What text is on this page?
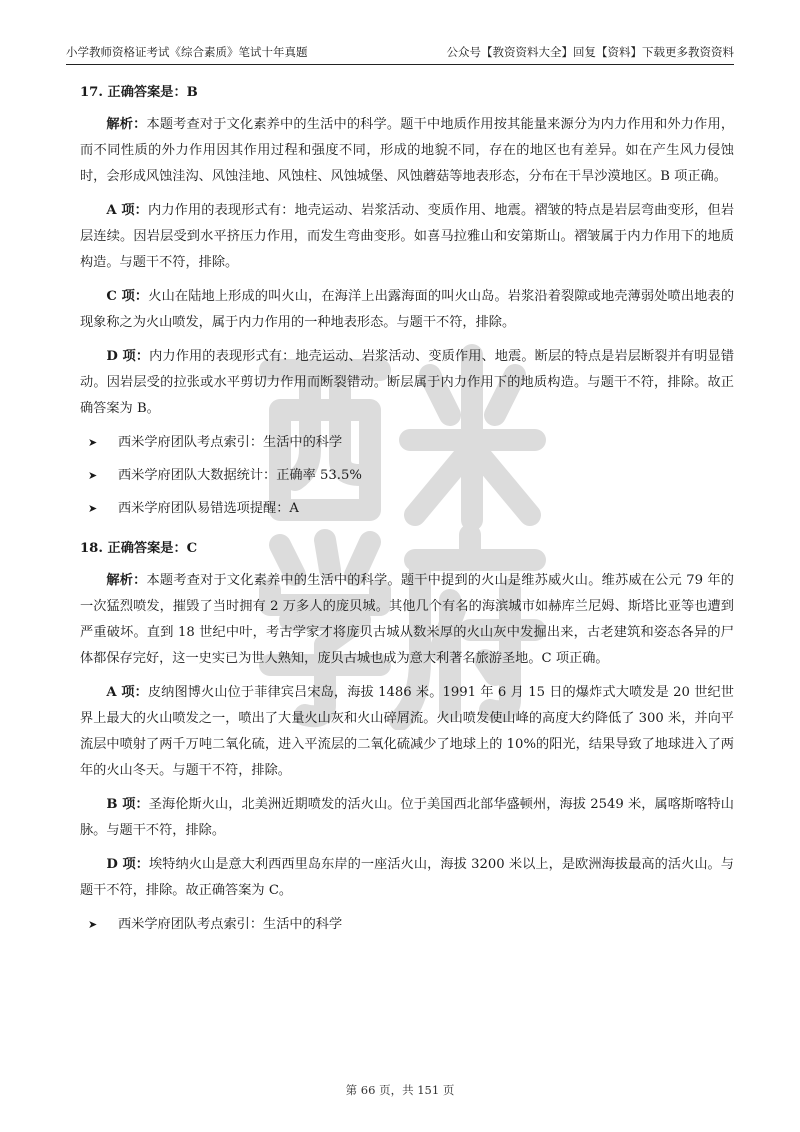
小学教师资格证考试《综合素质》笔试十年真题	公众号【教资资料大全】回复【资料】下载更多教资资料

17. 正确答案是：B

解析：本题考查对于文化素养中的生活中的科学。题干中地质作用按其能量来源分为内力作用和外力作用，而不同性质的外力作用因其作用过程和强度不同，形成的地貌不同，存在的地区也有差异。如在产生风力侵蚀时，会形成风蚀洼沟、风蚀洼地、风蚀柱、风蚀城堡、风蚀蘑菇等地表形态，分布在干旱沙漠地区。B 项正确。

A 项：内力作用的表现形式有：地壳运动、岩浆活动、变质作用、地震。褶皱的特点是岩层弯曲变形，但岩层连续。因岩层受到水平挤压力作用，而发生弯曲变形。如喜马拉雅山和安第斯山。褶皱属于内力作用下的地质构造。与题干不符，排除。

C 项：火山在陆地上形成的叫火山，在海洋上出露海面的叫火山岛。岩浆沿着裂隙或地壳薄弱处喷出地表的现象称之为火山喷发，属于内力作用的一种地表形态。与题干不符，排除。

D 项：内力作用的表现形式有：地壳运动、岩浆活动、变质作用、地震。断层的特点是岩层断裂并有明显错动。因岩层受的拉张或水平剪切力作用而断裂错动。断层属于内力作用下的地质构造。与题干不符，排除。故正确答案为 B。

➤	西米学府团队考点索引：生活中的科学
➤	西米学府团队大数据统计：正确率 53.5%
➤	西米学府团队易错选项提醒：A

18. 正确答案是：C

解析：本题考查对于文化素养中的生活中的科学。题干中提到的火山是维苏威火山。维苏威在公元 79 年的一次猛烈喷发，摧毁了当时拥有 2 万多人的庞贝城。其他几个有名的海滨城市如赫库兰尼姆、斯塔比亚等也遭到严重破坏。直到 18 世纪中叶，考古学家才将庞贝古城从数米厚的火山灰中发掘出来，古老建筑和姿态各异的尸体都保存完好，这一史实已为世人熟知，庞贝古城也成为意大利著名旅游圣地。C 项正确。

A 项：皮纳图博火山位于菲律宾吕宋岛，海拔 1486 米。1991 年 6 月 15 日的爆炸式大喷发是 20 世纪世界上最大的火山喷发之一，喷出了大量火山灰和火山碎屑流。火山喷发使山峰的高度大约降低了 300 米，并向平流层中喷射了两千万吨二氧化硫，进入平流层的二氧化硫减少了地球上的 10%的阳光，结果导致了地球进入了两年的火山冬天。与题干不符，排除。

B 项：圣海伦斯火山，北美洲近期喷发的活火山。位于美国西北部华盛顿州，海拔 2549 米，属喀斯喀特山脉。与题干不符，排除。

D 项：埃特纳火山是意大利西西里岛东岸的一座活火山，海拔 3200 米以上，是欧洲海拔最高的活火山。与题干不符，排除。故正确答案为 C。

➤	西米学府团队考点索引：生活中的科学
第 66 页，共 151 页
